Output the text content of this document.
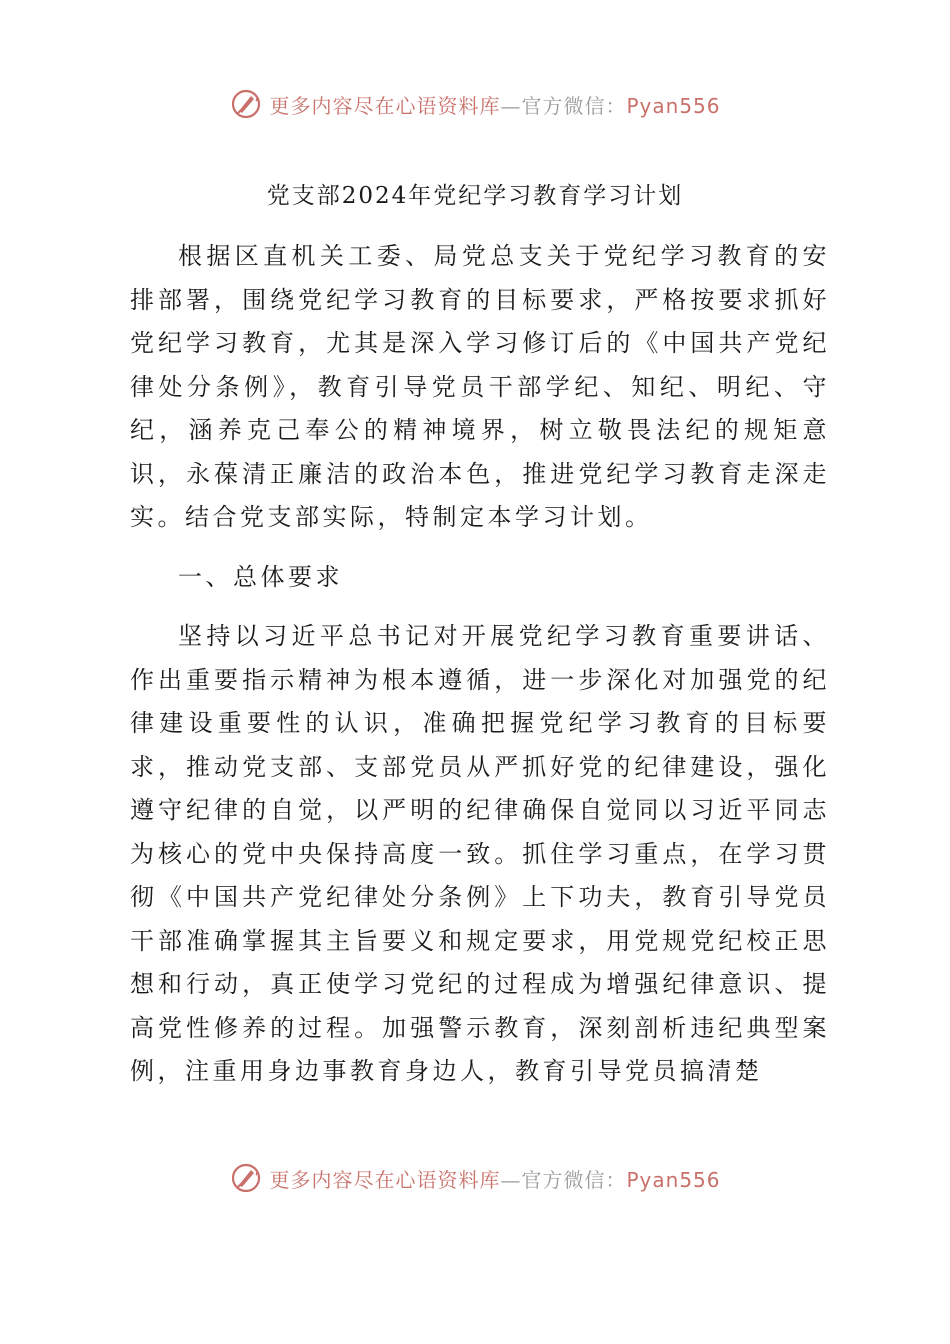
更多内容尽在心语资料库—官方微信：Pyan556
党支部2024年党纪学习教育学习计划

根据区直机关工委、局党总支关于党纪学习教育的安排部署，围绕党纪学习教育的目标要求，严格按要求抓好党纪学习教育，尤其是深入学习修订后的《中国共产党纪律处分条例》，教育引导党员干部学纪、知纪、明纪、守纪，涵养克己奉公的精神境界，树立敬畏法纪的规矩意识，永葆清正廉洁的政治本色，推进党纪学习教育走深走实。结合党支部实际，特制定本学习计划。

一、总体要求

坚持以习近平总书记对开展党纪学习教育重要讲话、作出重要指示精神为根本遵循，进一步深化对加强党的纪律建设重要性的认识，准确把握党纪学习教育的目标要求，推动党支部、支部党员从严抓好党的纪律建设，强化遵守纪律的自觉，以严明的纪律确保自觉同以习近平同志为核心的党中央保持高度一致。抓住学习重点，在学习贯彻《中国共产党纪律处分条例》上下功夫，教育引导党员干部准确掌握其主旨要义和规定要求，用党规党纪校正思想和行动，真正使学习党纪的过程成为增强纪律意识、提高党性修养的过程。加强警示教育，深刻剖析违纪典型案例，注重用身边事教育身边人，教育引导党员搞清楚

更多内容尽在心语资料库—官方微信：Pyan556
